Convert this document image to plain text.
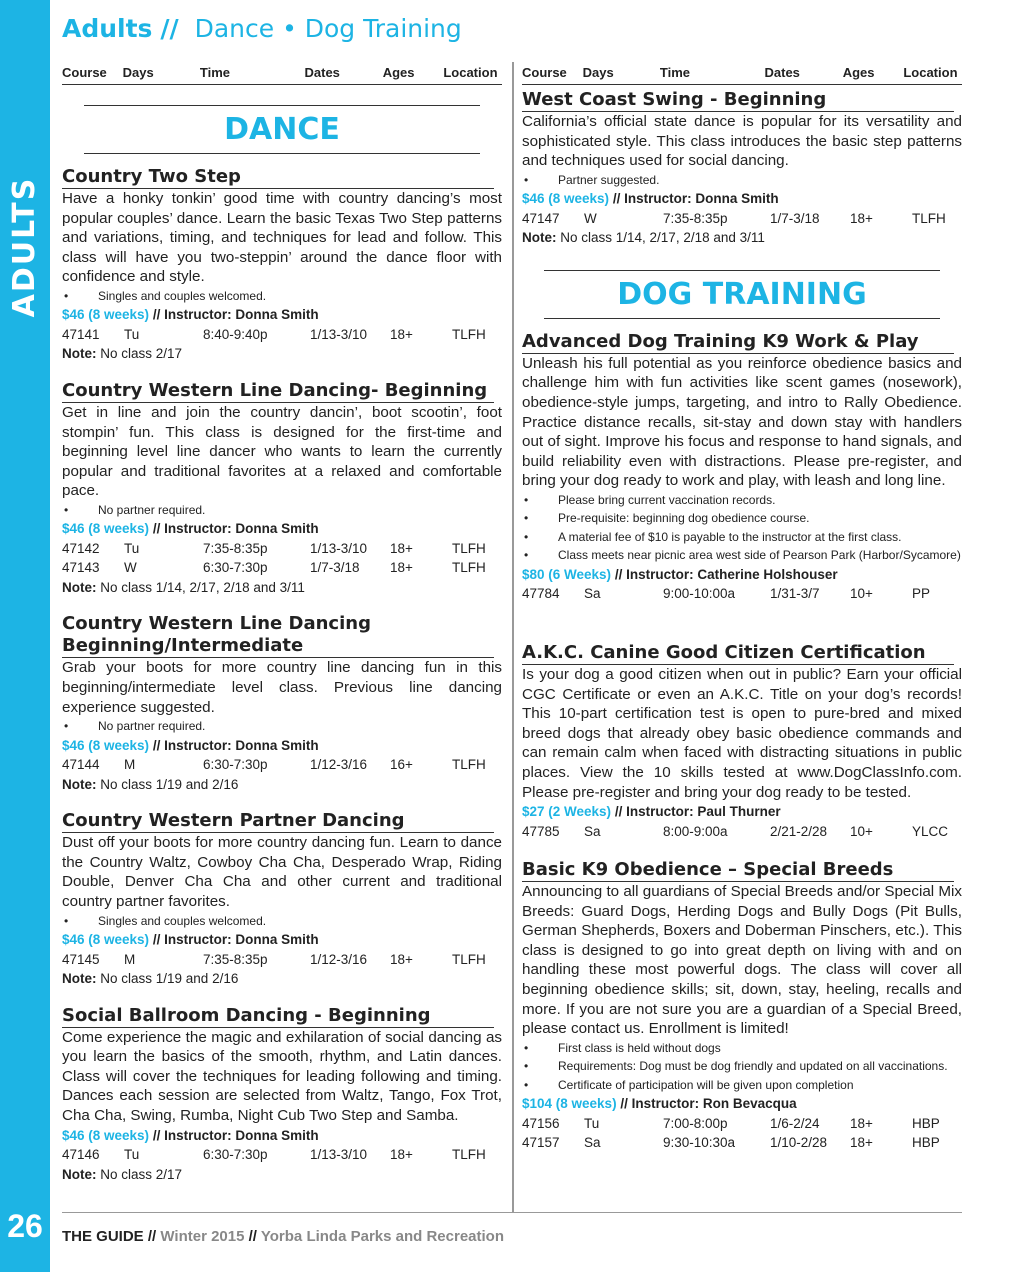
ADULTS
26
Adults // Dance • Dog Training
Course	Days	Time	Dates	Ages	Location
DANCE
Country Two Step

Have a honky tonkin’ good time with country dancing’s most popular couples’ dance. Learn the basic Texas Two Step patterns and variations, timing, and techniques for lead and follow. This class will have you two-steppin’ around the dance floor with confidence and style.

• Singles and couples welcomed.
$46 (8 weeks) // Instructor: Donna Smith
47141	Tu	8:40-9:40p	1/13-3/10	18+	TLFH
Note: No class 2/17
Country Western Line Dancing- Beginning

Get in line and join the country dancin’, boot scootin’, foot stompin’ fun. This class is designed for the first-time and beginning level line dancer who wants to learn the currently popular and traditional favorites at a relaxed and comfortable pace.

• No partner required.
$46 (8 weeks) // Instructor: Donna Smith
47142	Tu	7:35-8:35p	1/13-3/10	18+	TLFH
47143	W	6:30-7:30p	1/7-3/18	18+	TLFH
Note: No class 1/14, 2/17, 2/18 and 3/11
Country Western Line Dancing Beginning/Intermediate

Grab your boots for more country line dancing fun in this beginning/intermediate level class. Previous line dancing experience suggested.

• No partner required.
$46 (8 weeks) // Instructor: Donna Smith
47144	M	6:30-7:30p	1/12-3/16	16+	TLFH
Note: No class 1/19 and 2/16
Country Western Partner Dancing

Dust off your boots for more country dancing fun. Learn to dance the Country Waltz, Cowboy Cha Cha, Desperado Wrap, Riding Double, Denver Cha Cha and other current and traditional country partner favorites.

• Singles and couples welcomed.
$46 (8 weeks) // Instructor: Donna Smith
47145	M	7:35-8:35p	1/12-3/16	18+	TLFH
Note: No class 1/19 and 2/16
Social Ballroom Dancing - Beginning

Come experience the magic and exhilaration of social dancing as you learn the basics of the smooth, rhythm, and Latin dances. Class will cover the techniques for leading following and timing. Dances each session are selected from Waltz, Tango, Fox Trot, Cha Cha, Swing, Rumba, Night Cub Two Step and Samba.

$46 (8 weeks) // Instructor: Donna Smith
47146	Tu	6:30-7:30p	1/13-3/10	18+	TLFH
Note: No class 2/17
Course	Days	Time	Dates	Ages	Location
West Coast Swing - Beginning

California’s official state dance is popular for its versatility and sophisticated style. This class introduces the basic step patterns and techniques used for social dancing.

• Partner suggested.
$46 (8 weeks) // Instructor: Donna Smith
47147	W	7:35-8:35p	1/7-3/18	18+	TLFH
Note: No class 1/14, 2/17, 2/18 and 3/11
DOG TRAINING
Advanced Dog Training K9 Work & Play

Unleash his full potential as you reinforce obedience basics and challenge him with fun activities like scent games (nosework), obedience-style jumps, targeting, and intro to Rally Obedience. Practice distance recalls, sit-stay and down stay with handlers out of sight. Improve his focus and response to hand signals, and build reliability even with distractions. Please pre-register, and bring your dog ready to work and play, with leash and long line.

• Please bring current vaccination records.
• Pre-requisite: beginning dog obedience course.
• A material fee of $10 is payable to the instructor at the first class.
• Class meets near picnic area west side of Pearson Park (Harbor/Sycamore)
$80 (6 Weeks) // Instructor: Catherine Holshouser
47784	Sa	9:00-10:00a	1/31-3/7	10+	PP
A.K.C. Canine Good Citizen Certification

Is your dog a good citizen when out in public? Earn your official CGC Certificate or even an A.K.C. Title on your dog’s records! This 10-part certification test is open to pure-bred and mixed breed dogs that already obey basic obedience commands and can remain calm when faced with distracting situations in public places. View the 10 skills tested at www.DogClassInfo.com. Please pre-register and bring your dog ready to be tested.

$27 (2 Weeks) // Instructor: Paul Thurner
47785	Sa	8:00-9:00a	2/21-2/28	10+	YLCC
Basic K9 Obedience – Special Breeds

Announcing to all guardians of Special Breeds and/or Special Mix Breeds: Guard Dogs, Herding Dogs and Bully Dogs (Pit Bulls, German Shepherds, Boxers and Doberman Pinschers, etc.). This class is designed to go into great depth on living with and on handling these most powerful dogs. The class will cover all beginning obedience skills; sit, down, stay, heeling, recalls and more. If you are not sure you are a guardian of a Special Breed, please contact us. Enrollment is limited!

• First class is held without dogs
• Requirements: Dog must be dog friendly and updated on all vaccinations.
• Certificate of participation will be given upon completion
$104 (8 weeks) // Instructor: Ron Bevacqua
47156	Tu	7:00-8:00p	1/6-2/24	18+	HBP
47157	Sa	9:30-10:30a	1/10-2/28	18+	HBP
THE GUIDE // Winter 2015 // Yorba Linda Parks and Recreation
